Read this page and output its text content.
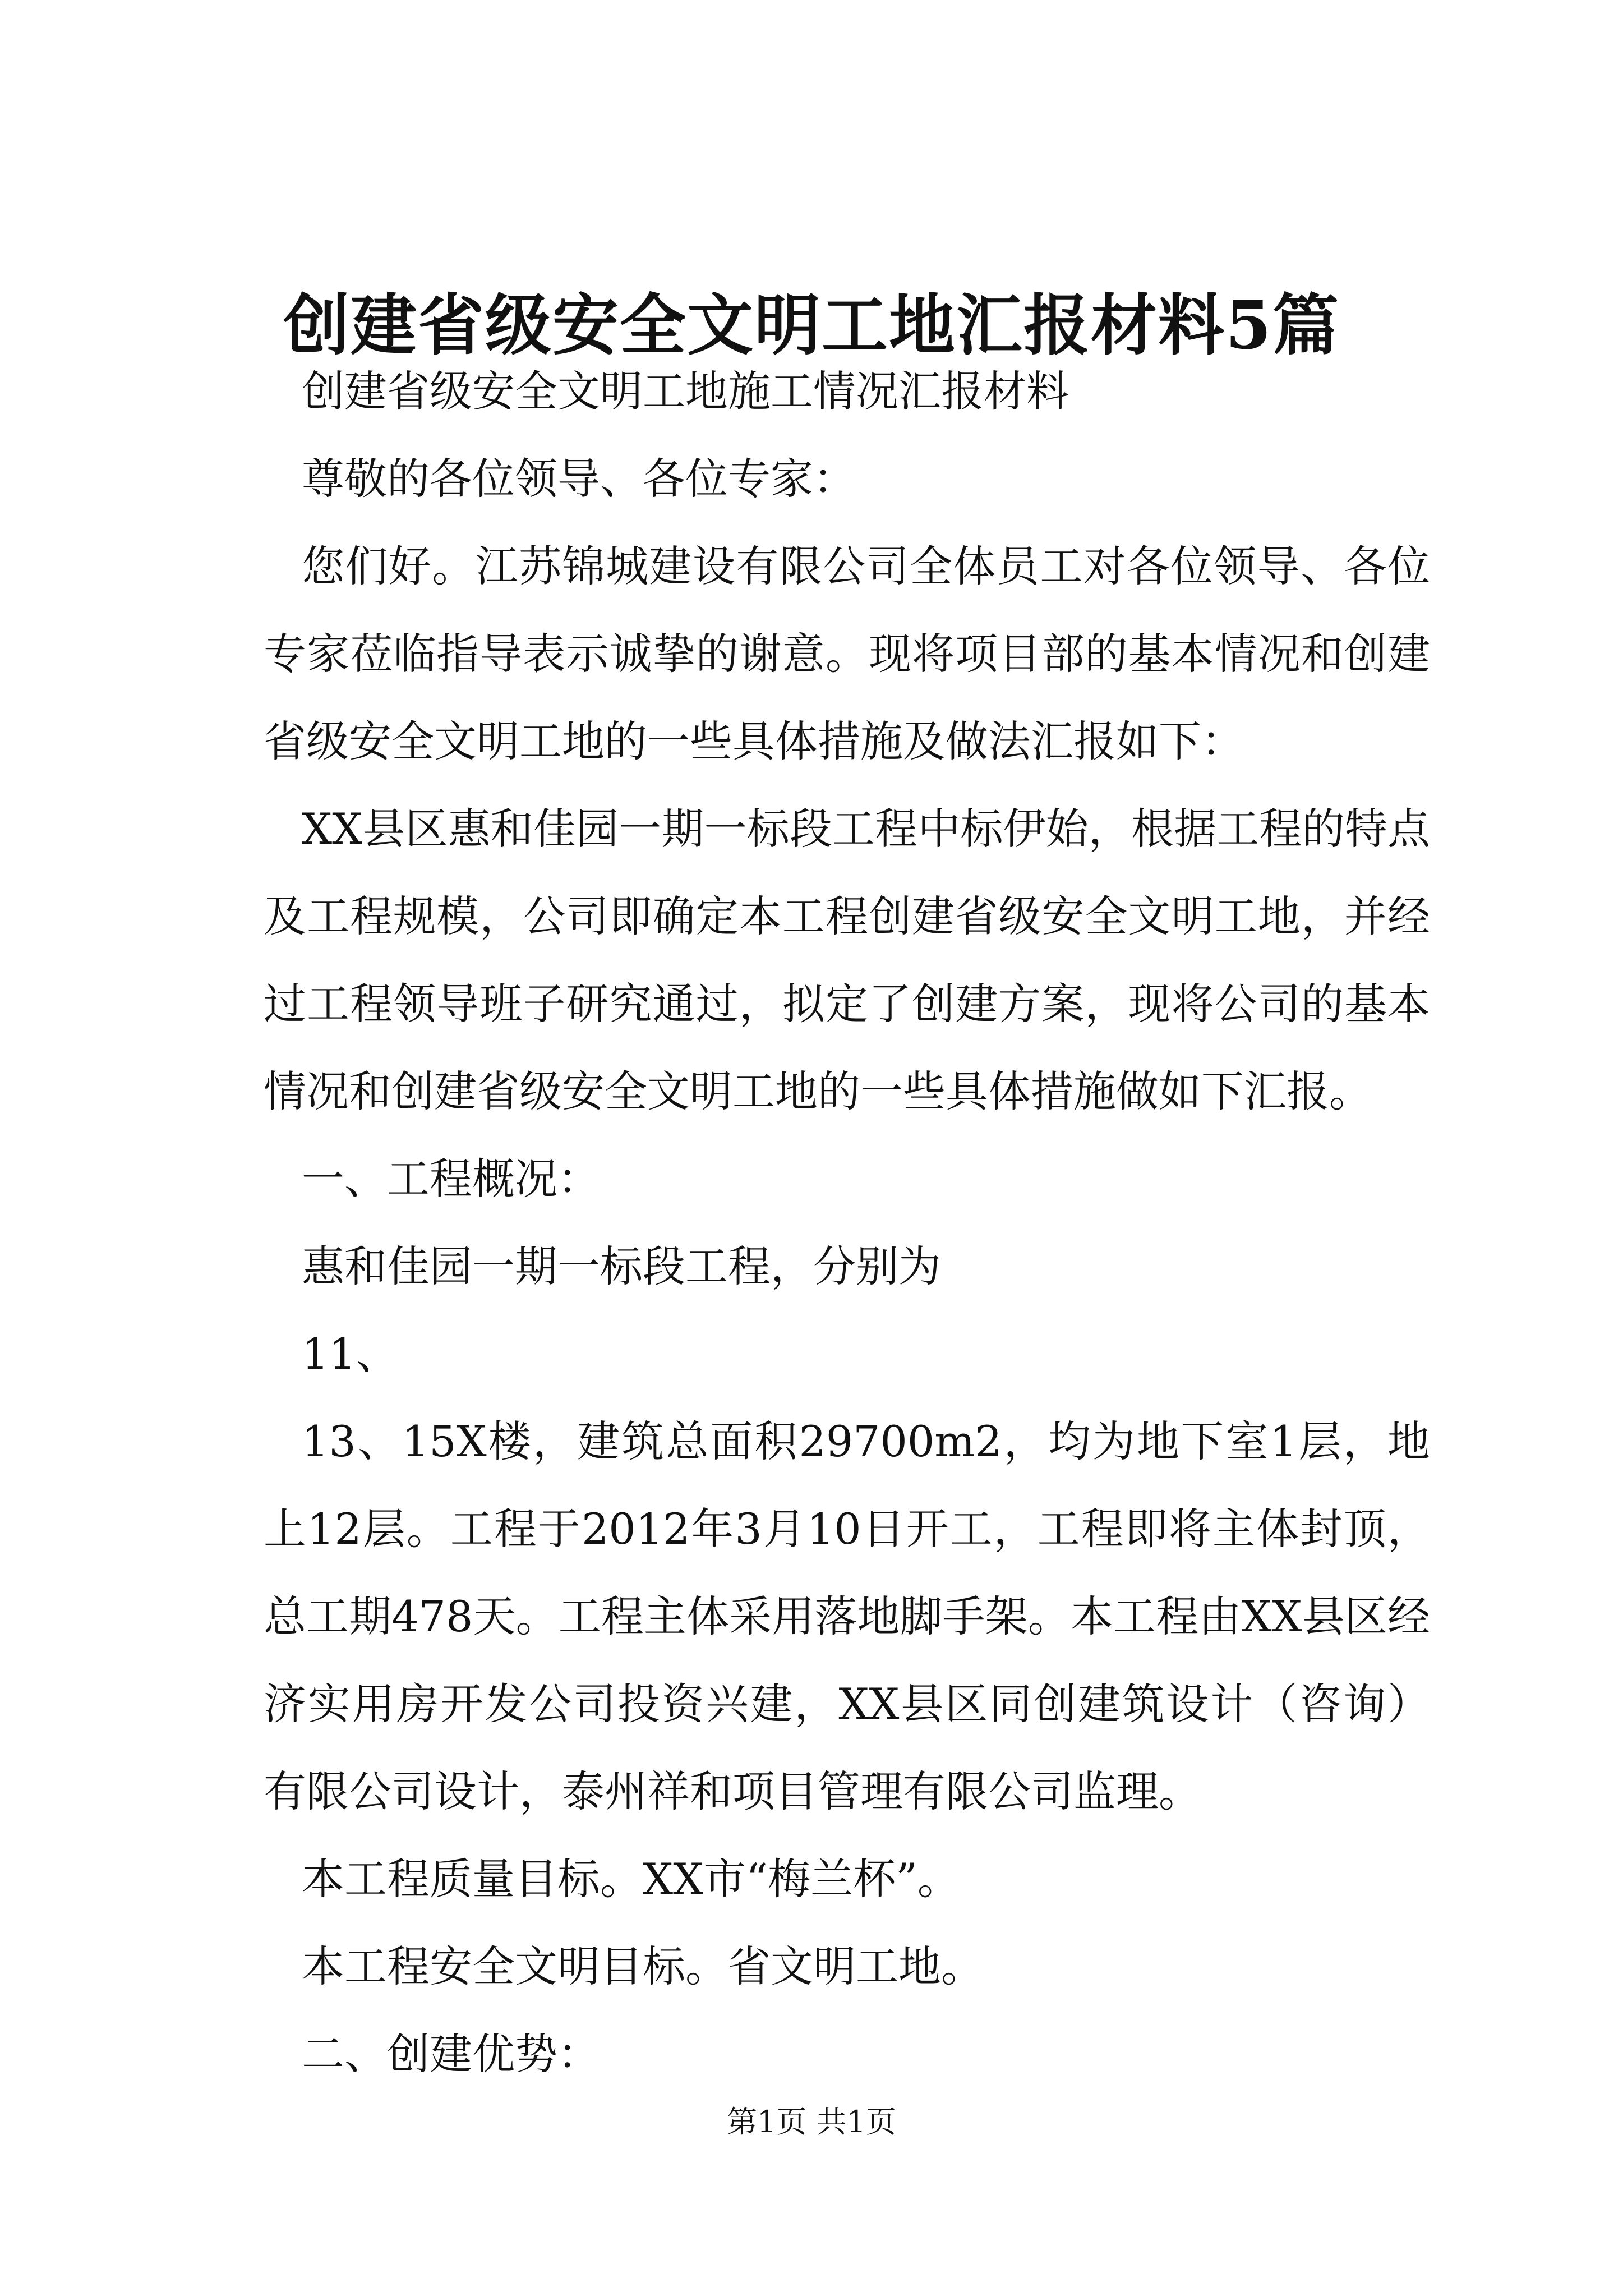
创建省级安全文明工地汇报材料5篇

创建省级安全文明工地施工情况汇报材料

尊敬的各位领导、各位专家：

您们好。江苏锦城建设有限公司全体员工对各位领导、各位专家莅临指导表示诚挚的谢意。现将项目部的基本情况和创建省级安全文明工地的一些具体措施及做法汇报如下：

XX县区惠和佳园一期一标段工程中标伊始，根据工程的特点及工程规模，公司即确定本工程创建省级安全文明工地，并经过工程领导班子研究通过，拟定了创建方案，现将公司的基本情况和创建省级安全文明工地的一些具体措施做如下汇报。

一、工程概况：

惠和佳园一期一标段工程，分别为

11、

13、15X楼，建筑总面积29700m2，均为地下室1层，地上12层。工程于2012年3月10日开工，工程即将主体封顶，总工期478天。工程主体采用落地脚手架。本工程由XX县区经济实用房开发公司投资兴建，XX县区同创建筑设计（咨询）有限公司设计，泰州祥和项目管理有限公司监理。

本工程质量目标。XX市“梅兰杯”。

本工程安全文明目标。省文明工地。

二、创建优势：

第1页 共1页
